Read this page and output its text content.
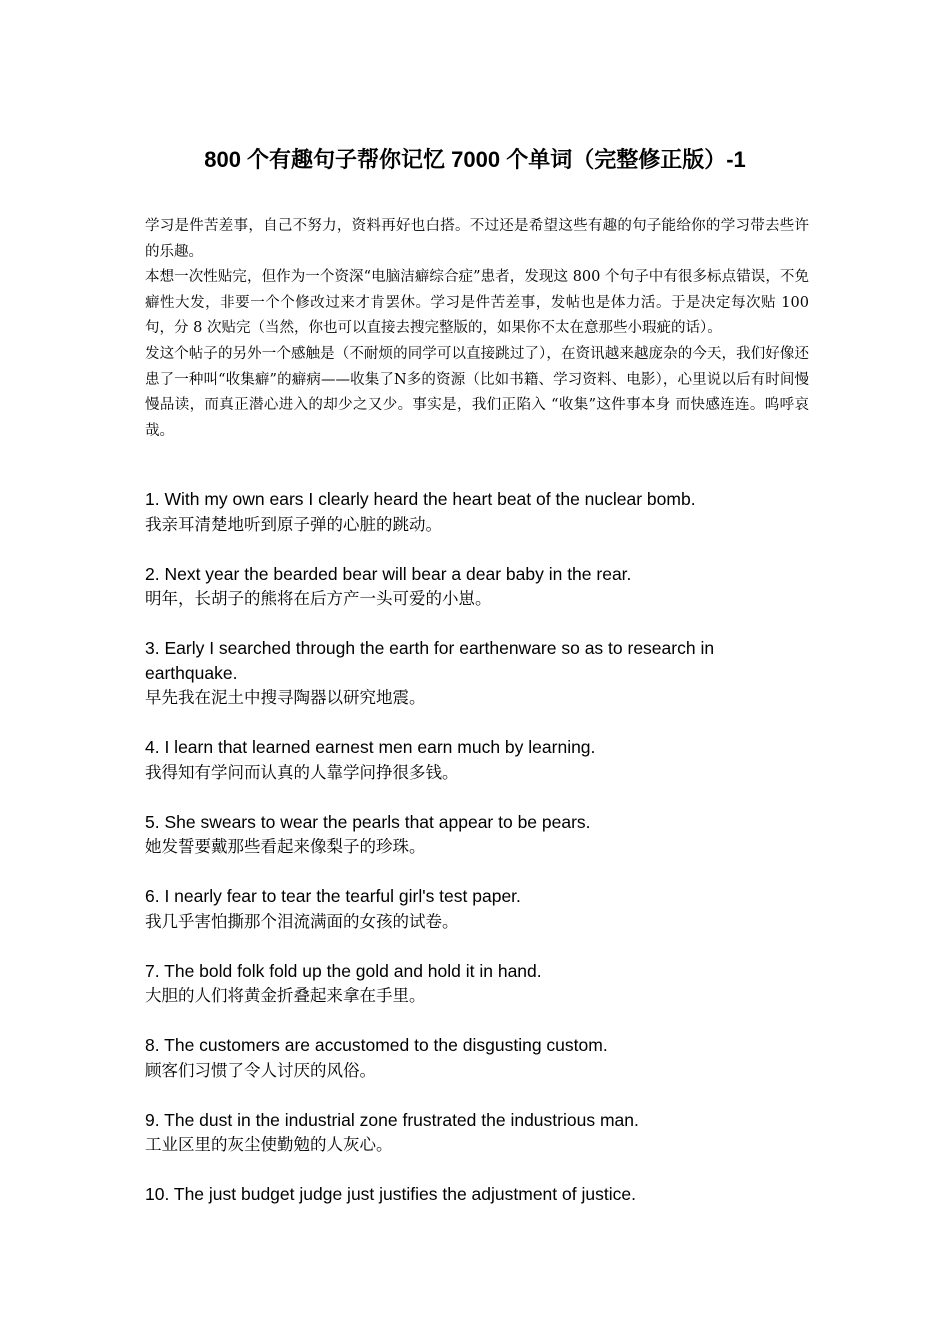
800 个有趣句子帮你记忆 7000 个单词（完整修正版）-1

学习是件苦差事，自己不努力，资料再好也白搭。不过还是希望这些有趣的句子能给你的学习带去些许的乐趣。

本想一次性贴完，但作为一个资深“电脑洁癖综合症”患者，发现这 800 个句子中有很多标点错误，不免癖性大发，非要一个个修改过来才肯罢休。学习是件苦差事，发帖也是体力活。于是决定每次贴 100 句，分 8 次贴完（当然，你也可以直接去搜完整版的，如果你不太在意那些小瑕疵的话）。

发这个帖子的另外一个感触是（不耐烦的同学可以直接跳过了），在资讯越来越庞杂的今天，我们好像还患了一种叫“收集癖”的癖病——收集了N多的资源（比如书籍、学习资料、电影），心里说以后有时间慢慢品读，而真正潜心进入的却少之又少。事实是，我们正陷入 “收集”这件事本身 而快感连连。呜呼哀哉。

1. With my own ears I clearly heard the heart beat of the nuclear bomb.

我亲耳清楚地听到原子弹的心脏的跳动。

2. Next year the bearded bear will bear a dear baby in the rear.

明年，长胡子的熊将在后方产一头可爱的小崽。

3. Early I searched through the earth for earthenware so as to research in earthquake.

早先我在泥土中搜寻陶器以研究地震。

4. I learn that learned earnest men earn much by learning.

我得知有学问而认真的人靠学问挣很多钱。

5. She swears to wear the pearls that appear to be pears.

她发誓要戴那些看起来像梨子的珍珠。

6. I nearly fear to tear the tearful girl's test paper.

我几乎害怕撕那个泪流满面的女孩的试卷。

7. The bold folk fold up the gold and hold it in hand.

大胆的人们将黄金折叠起来拿在手里。

8. The customers are accustomed to the disgusting custom.

顾客们习惯了令人讨厌的风俗。

9. The dust in the industrial zone frustrated the industrious man.

工业区里的灰尘使勤勉的人灰心。

10. The just budget judge just justifies the adjustment of justice.
